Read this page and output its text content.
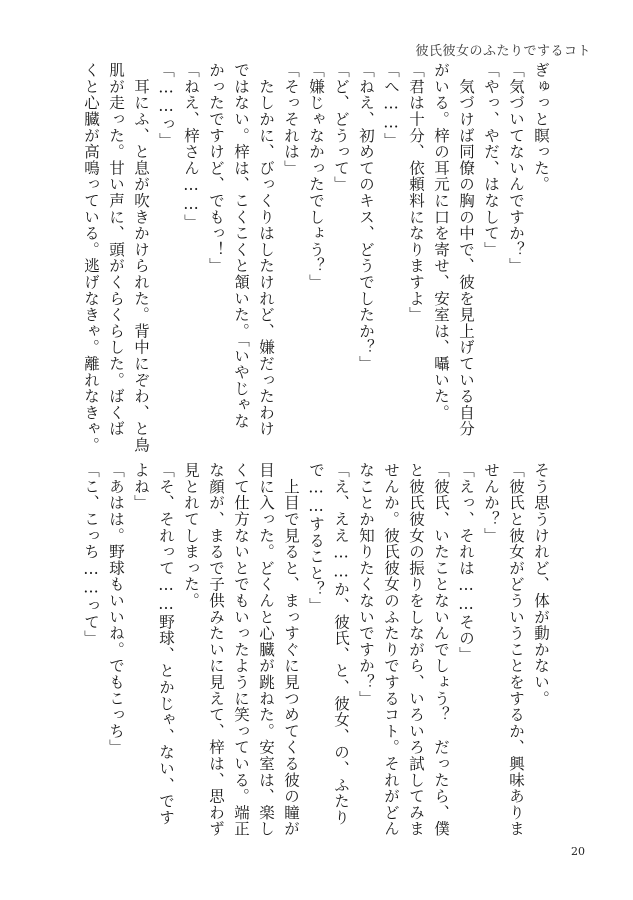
彼氏彼女のふたりでするコト
ぎゅっと瞑った。
「気づいてないんですか？」
「やっ、やだ、はなして」
　気づけば同僚の胸の中で、彼を見上げている自分
がいる。梓の耳元に口を寄せ、安室は、囁いた。
「君は十分、依頼料になりますよ」
「へ……」
「ねえ、初めてのキス、どうでしたか？」
「ど、どうって」
「嫌じゃなかったでしょう？」
「そっそれは」
　たしかに、びっくりはしたけれど、嫌だったわけ
ではない。梓は、こくこくと頷いた。「いやじゃな
かったですけど、でもっ！」
「ねえ、梓さん……」
「……っ」
　耳にふ、と息が吹きかけられた。背中にぞわ、と鳥
肌が走った。甘い声に、頭がくらくらした。ばくば
くと心臓が高鳴っている。逃げなきゃ。離れなきゃ。
そう思うけれど、体が動かない。
「彼氏と彼女がどういうことをするか、興味ありま
せんか？」
「えっ、それは……その」
「彼氏、いたことないんでしょう？　だったら、僕
と彼氏彼女の振りをしながら、いろいろ試してみま
せんか。彼氏彼女のふたりでするコト。それがどん
なことか知りたくないですか？」
「え、ええ……か、彼氏、と、彼女、の、ふたり
で……すること？」
　上目で見ると、まっすぐに見つめてくる彼の瞳が
目に入った。どくんと心臓が跳ねた。安室は、楽し
くて仕方ないとでもいったように笑っている。端正
な顔が、まるで子供みたいに見えて、梓は、思わず
見とれてしまった。
「そ、それって……野球、とかじゃ、ない、です
よね」
「あはは。野球もいいね。でもこっち」
「こ、こっち……って」
20
